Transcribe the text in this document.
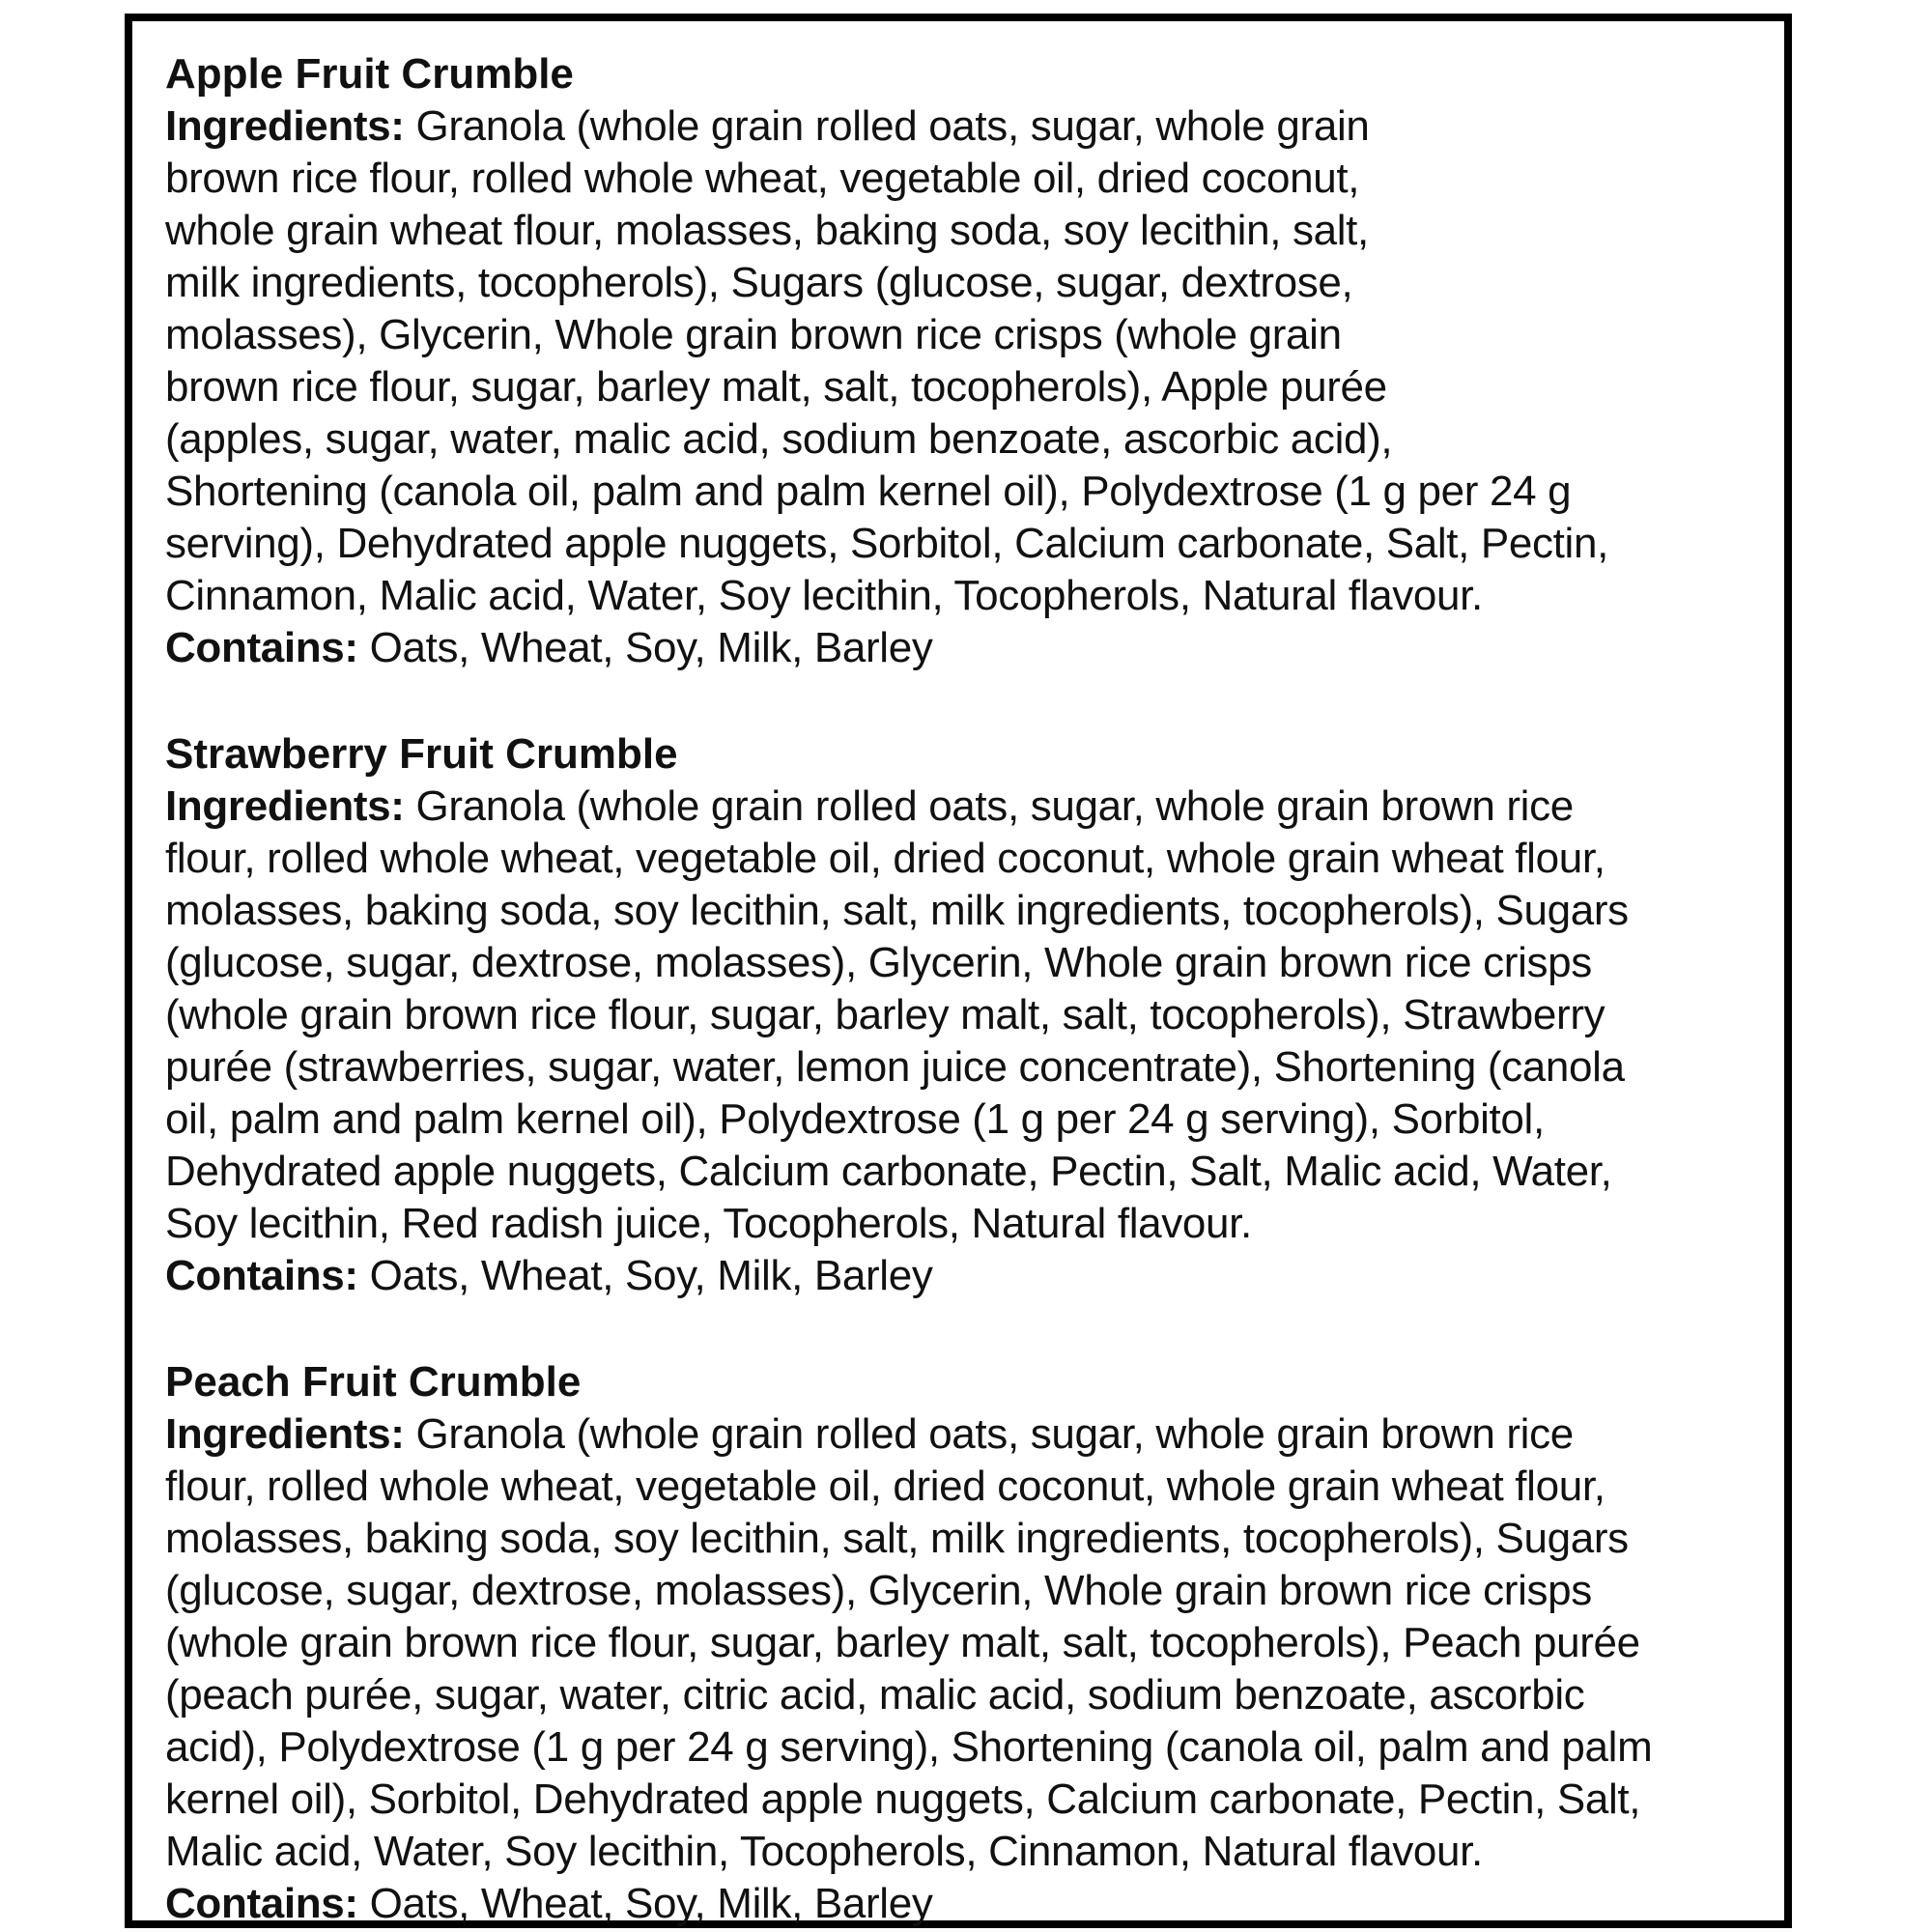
Apple Fruit Crumble
Ingredients: Granola (whole grain rolled oats, sugar, whole grain
brown rice flour, rolled whole wheat, vegetable oil, dried coconut,
whole grain wheat flour, molasses, baking soda, soy lecithin, salt,
milk ingredients, tocopherols), Sugars (glucose, sugar, dextrose,
molasses), Glycerin, Whole grain brown rice crisps (whole grain
brown rice flour, sugar, barley malt, salt, tocopherols), Apple purée
(apples, sugar, water, malic acid, sodium benzoate, ascorbic acid),
Shortening (canola oil, palm and palm kernel oil), Polydextrose (1 g per 24 g
serving), Dehydrated apple nuggets, Sorbitol, Calcium carbonate, Salt, Pectin,
Cinnamon, Malic acid, Water, Soy lecithin, Tocopherols, Natural flavour.
Contains: Oats, Wheat, Soy, Milk, Barley
Strawberry Fruit Crumble
Ingredients: Granola (whole grain rolled oats, sugar, whole grain brown rice
flour, rolled whole wheat, vegetable oil, dried coconut, whole grain wheat flour,
molasses, baking soda, soy lecithin, salt, milk ingredients, tocopherols), Sugars
(glucose, sugar, dextrose, molasses), Glycerin, Whole grain brown rice crisps
(whole grain brown rice flour, sugar, barley malt, salt, tocopherols), Strawberry
purée (strawberries, sugar, water, lemon juice concentrate), Shortening (canola
oil, palm and palm kernel oil), Polydextrose (1 g per 24 g serving), Sorbitol,
Dehydrated apple nuggets, Calcium carbonate, Pectin, Salt, Malic acid, Water,
Soy lecithin, Red radish juice, Tocopherols, Natural flavour.
Contains: Oats, Wheat, Soy, Milk, Barley
Peach Fruit Crumble
Ingredients: Granola (whole grain rolled oats, sugar, whole grain brown rice
flour, rolled whole wheat, vegetable oil, dried coconut, whole grain wheat flour,
molasses, baking soda, soy lecithin, salt, milk ingredients, tocopherols), Sugars
(glucose, sugar, dextrose, molasses), Glycerin, Whole grain brown rice crisps
(whole grain brown rice flour, sugar, barley malt, salt, tocopherols), Peach purée
(peach purée, sugar, water, citric acid, malic acid, sodium benzoate, ascorbic
acid), Polydextrose (1 g per 24 g serving), Shortening (canola oil, palm and palm
kernel oil), Sorbitol, Dehydrated apple nuggets, Calcium carbonate, Pectin, Salt,
Malic acid, Water, Soy lecithin, Tocopherols, Cinnamon, Natural flavour.
Contains: Oats, Wheat, Soy, Milk, Barley
